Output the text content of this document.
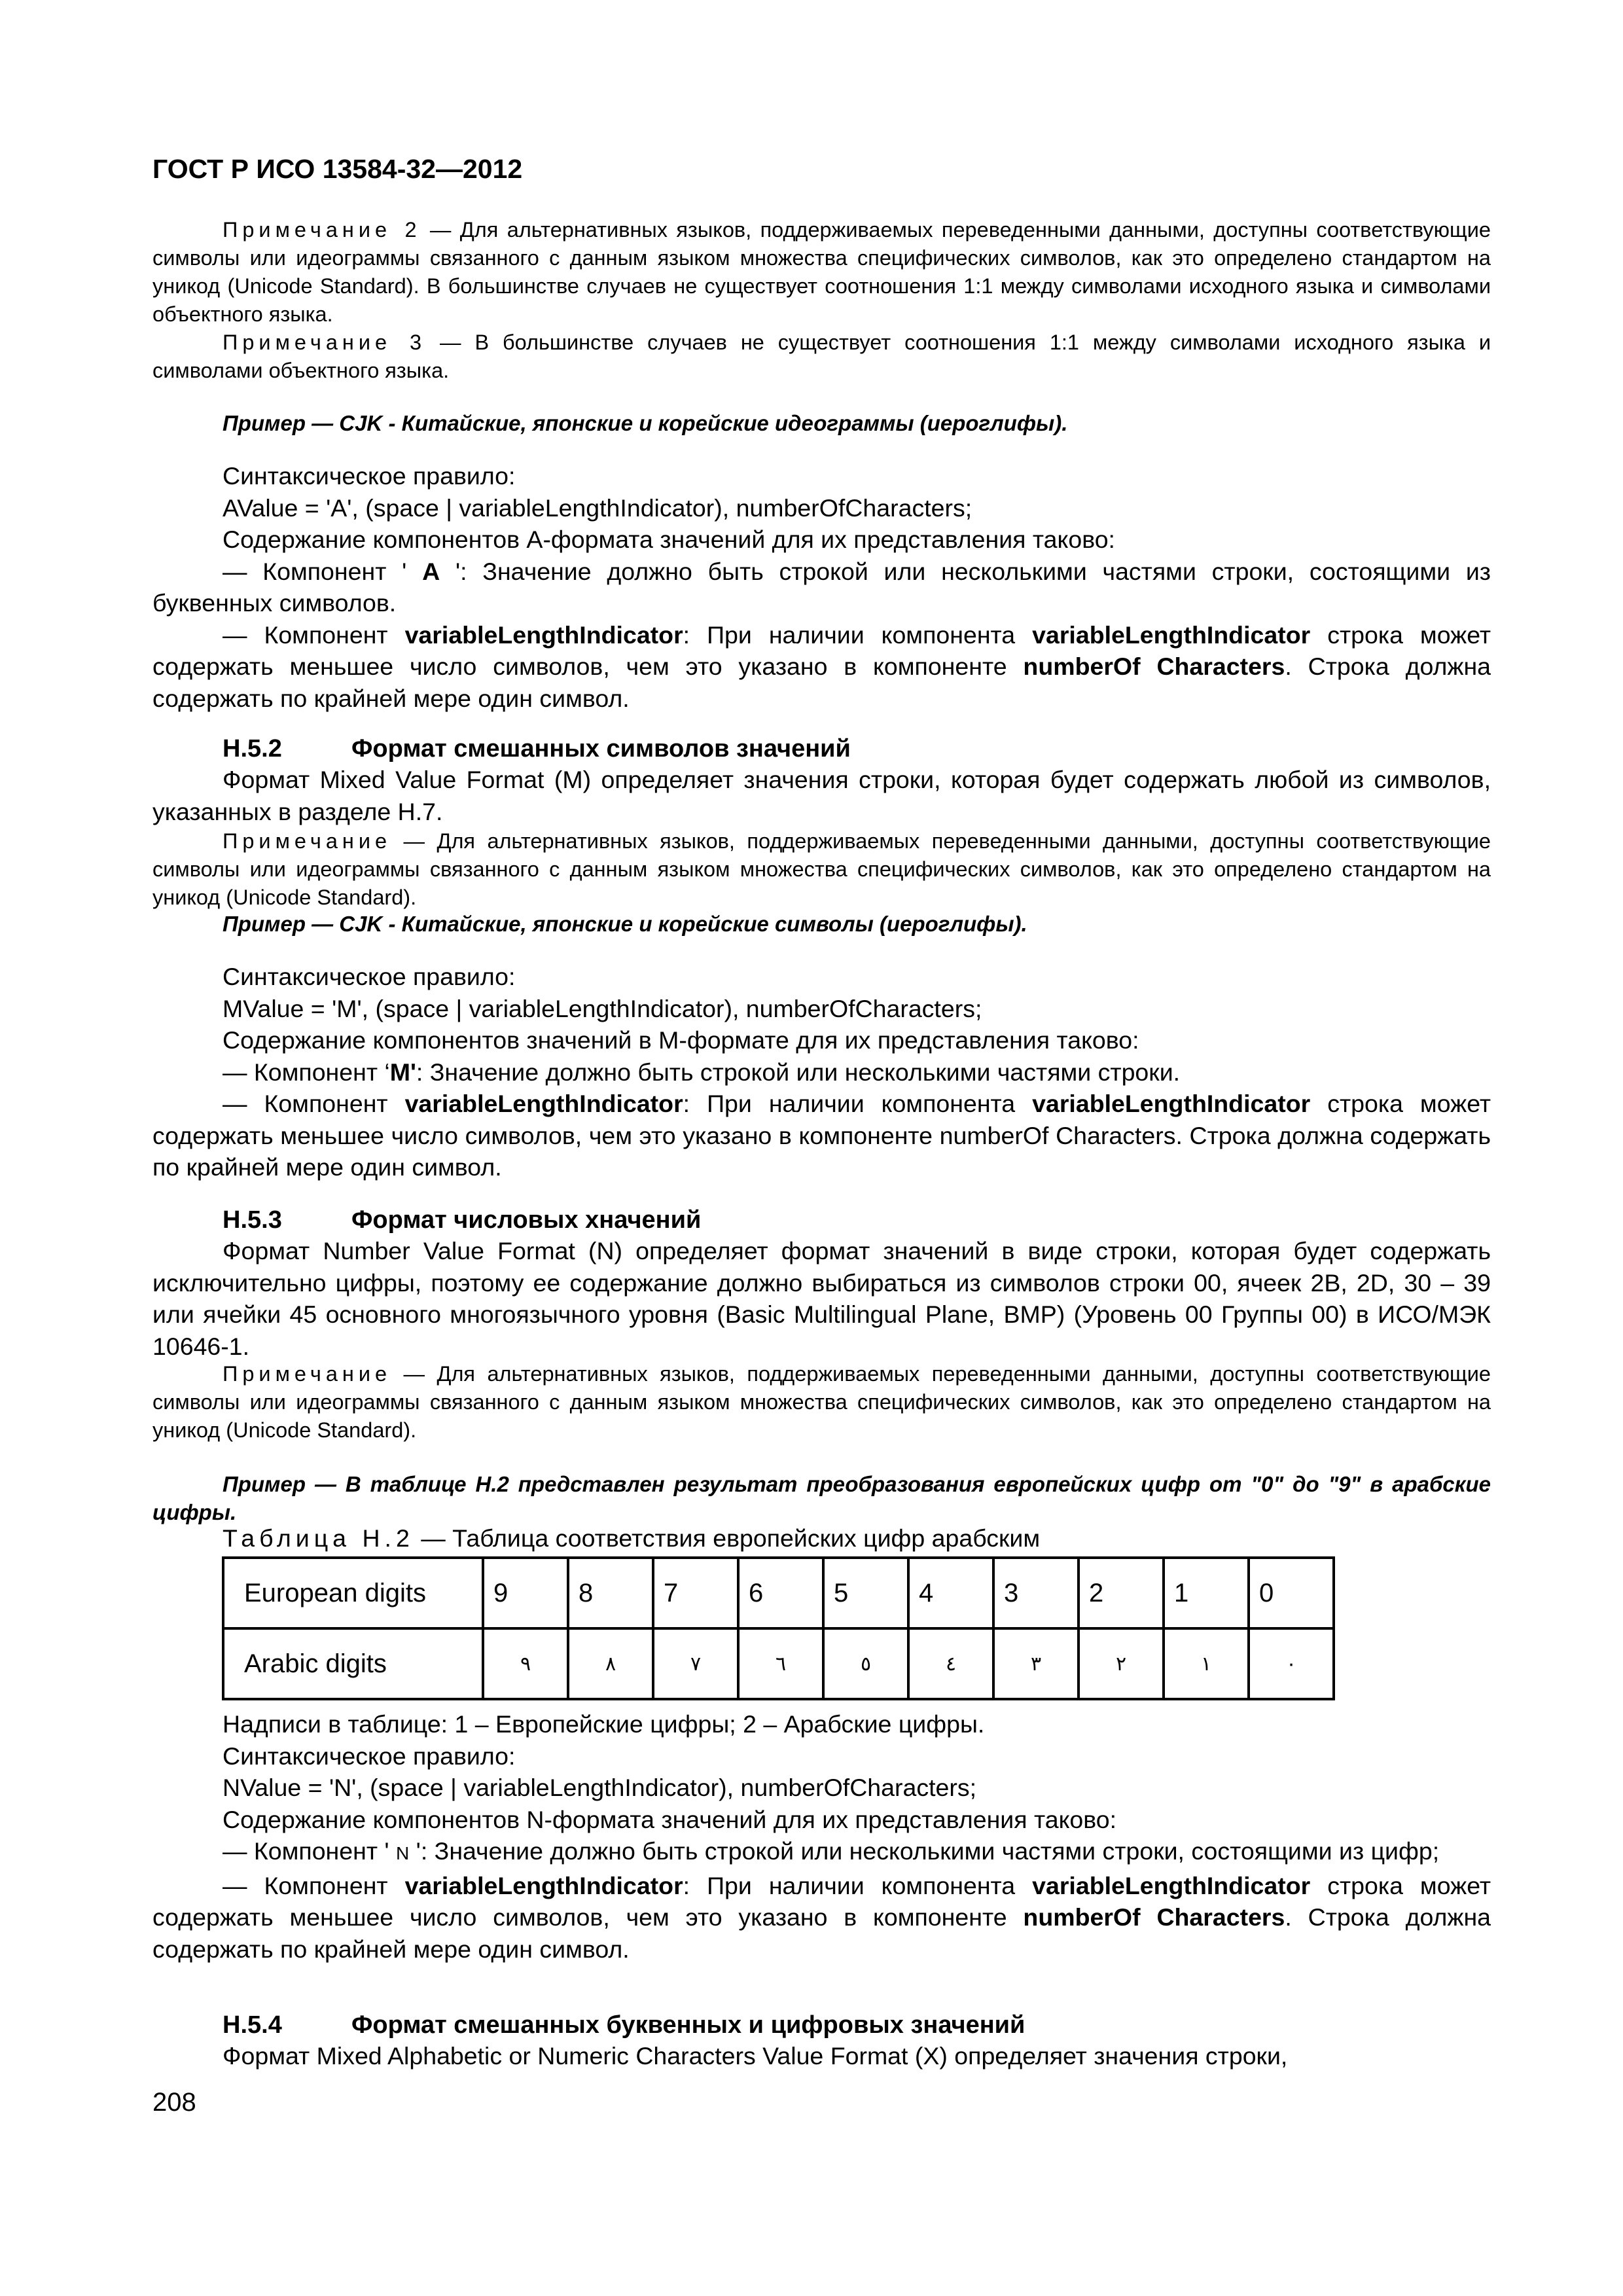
ГОСТ Р ИСО 13584-32—2012
Примечание 2 — Для альтернативных языков, поддерживаемых переведенными данными, доступны соответствующие символы или идеограммы связанного с данным языком множества специфических символов, как это определено стандартом на уникод (Unicode Standard). В большинстве случаев не существует соотношения 1:1 между символами исходного языка и символами объектного языка.
Примечание 3 — В большинстве случаев не существует соотношения 1:1 между символами исходного языка и символами объектного языка.
Пример — CJK - Китайские, японские и корейские идеограммы (иероглифы).

Синтаксическое правило:

AValue = 'A', (space | variableLengthIndicator), numberOfCharacters;

Содержание компонентов A-формата значений для их представления таково:

— Компонент ' A ': Значение должно быть строкой или несколькими частями строки, состоящими из буквенных символов.

— Компонент variableLengthIndicator: При наличии компонента variableLengthIndicator строка может содержать меньшее число символов, чем это указано в компоненте numberOf Characters. Строка должна содержать по крайней мере один символ.

H.5.2	Формат смешанных символов значений
Формат Mixed Value Format (M) определяет значения строки, которая будет содержать любой из символов, указанных в разделе H.7.
Примечание — Для альтернативных языков, поддерживаемых переведенными данными, доступны соответствующие символы или идеограммы связанного с данным языком множества специфических символов, как это определено стандартом на уникод (Unicode Standard).
Пример — CJK - Китайские, японские и корейские символы (иероглифы).

Синтаксическое правило:

MValue = 'M', (space | variableLengthIndicator), numberOfCharacters;

Содержание компонентов значений в M-формате для их представления таково:

— Компонент ‘M': Значение должно быть строкой или несколькими частями строки.

— Компонент variableLengthIndicator: При наличии компонента variableLengthIndicator строка может содержать меньшее число символов, чем это указано в компоненте numberOf Characters. Строка должна содержать по крайней мере один символ.

H.5.3	Формат числовых хначений
Формат Number Value Format (N) определяет формат значений в виде строки, которая будет содержать исключительно цифры, поэтому ее содержание должно выбираться из символов строки 00, ячеек 2В, 2D, 30 – 39 или ячейки 45 основного многоязычного уровня (Basic Multilingual Plane, BMP) (Уровень 00 Группы 00) в ИСО/МЭК 10646-1.
Примечание — Для альтернативных языков, поддерживаемых переведенными данными, доступны соответствующие символы или идеограммы связанного с данным языком множества специфических символов, как это определено стандартом на уникод (Unicode Standard).
Пример — В таблице Н.2 представлен результат преобразования европейских цифр от "0" до "9" в арабские цифры.
Таблица Н.2 — Таблица соответствия европейских цифр арабским
European digits	9	8	7	6	5	4	3	2	1	0
Arabic digits	٩	٨	٧	٦	٥	٤	٣	٢	١	٠

Надписи в таблице: 1 – Европейские цифры; 2 – Арабские цифры.

Синтаксическое правило:

NValue = 'N', (space | variableLengthIndicator), numberOfCharacters;

Содержание компонентов N-формата значений для их представления таково:

— Компонент ' N ': Значение должно быть строкой или несколькими частями строки, состоящими из цифр;

— Компонент variableLengthIndicator: При наличии компонента variableLengthIndicator строка может содержать меньшее число символов, чем это указано в компоненте numberOf Characters. Строка должна содержать по крайней мере один символ.

H.5.4	Формат смешанных буквенных и цифровых значений
Формат Mixed Alphabetic or Numeric Characters Value Format (X) определяет значения строки,
208
